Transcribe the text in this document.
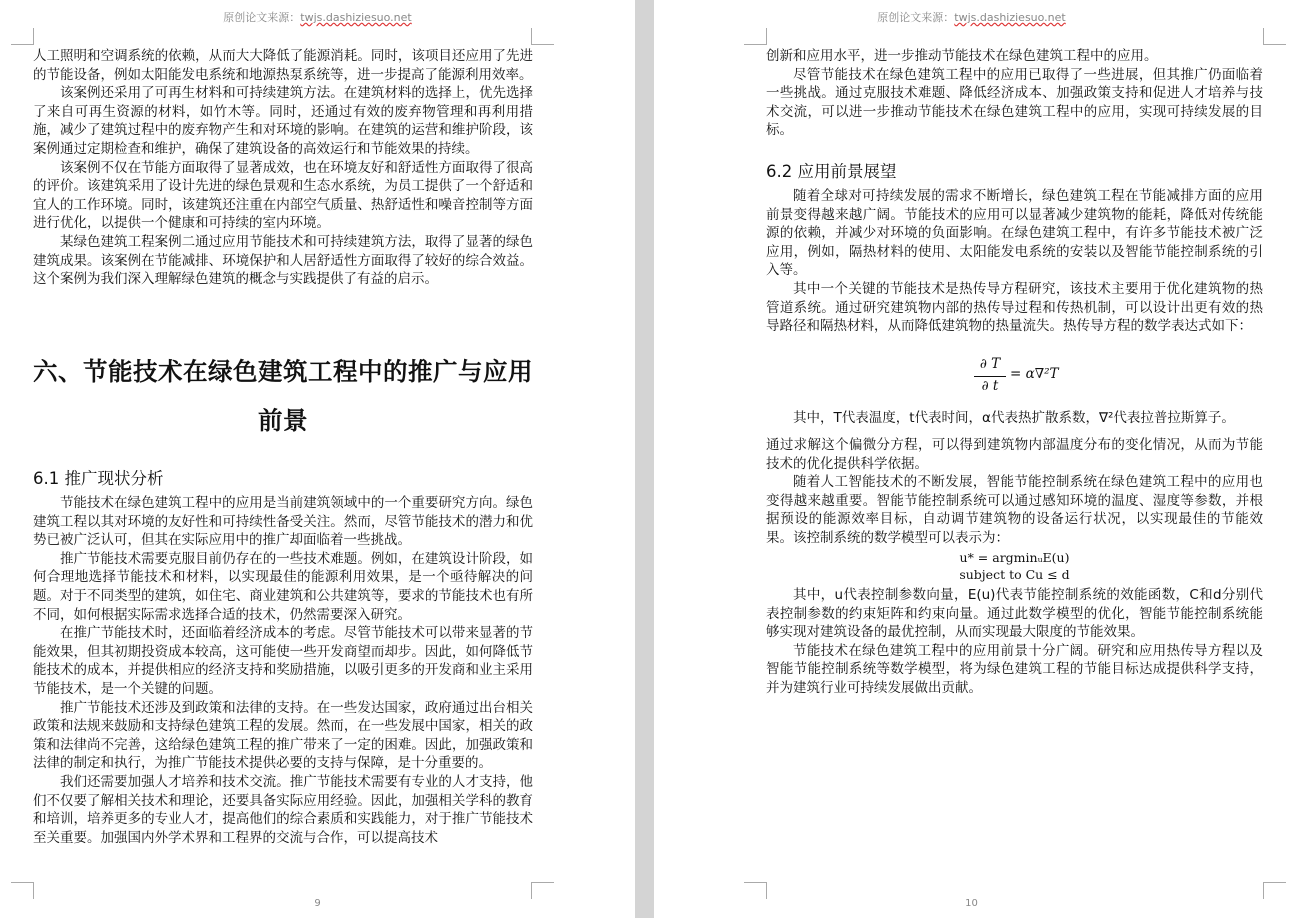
原创论文来源：twjs.dashiziesuo.net

人工照明和空调系统的依赖，从而大大降低了能源消耗。同时，该项目还应用了先进的节能设备，例如太阳能发电系统和地源热泵系统等，进一步提高了能源利用效率。

该案例还采用了可再生材料和可持续建筑方法。在建筑材料的选择上，优先选择了来自可再生资源的材料，如竹木等。同时，还通过有效的废弃物管理和再利用措施，减少了建筑过程中的废弃物产生和对环境的影响。在建筑的运营和维护阶段，该案例通过定期检查和维护，确保了建筑设备的高效运行和节能效果的持续。

该案例不仅在节能方面取得了显著成效，也在环境友好和舒适性方面取得了很高的评价。该建筑采用了设计先进的绿色景观和生态水系统，为员工提供了一个舒适和宜人的工作环境。同时，该建筑还注重在内部空气质量、热舒适性和噪音控制等方面进行优化，以提供一个健康和可持续的室内环境。

某绿色建筑工程案例二通过应用节能技术和可持续建筑方法，取得了显著的绿色建筑成果。该案例在节能减排、环境保护和人居舒适性方面取得了较好的综合效益。这个案例为我们深入理解绿色建筑的概念与实践提供了有益的启示。

六、节能技术在绿色建筑工程中的推广与应用前景
6.1 推广现状分析

节能技术在绿色建筑工程中的应用是当前建筑领域中的一个重要研究方向。绿色建筑工程以其对环境的友好性和可持续性备受关注。然而，尽管节能技术的潜力和优势已被广泛认可，但其在实际应用中的推广却面临着一些挑战。

推广节能技术需要克服目前仍存在的一些技术难题。例如，在建筑设计阶段，如何合理地选择节能技术和材料，以实现最佳的能源利用效果，是一个亟待解决的问题。对于不同类型的建筑，如住宅、商业建筑和公共建筑等，要求的节能技术也有所不同，如何根据实际需求选择合适的技术，仍然需要深入研究。

在推广节能技术时，还面临着经济成本的考虑。尽管节能技术可以带来显著的节能效果，但其初期投资成本较高，这可能使一些开发商望而却步。因此，如何降低节能技术的成本，并提供相应的经济支持和奖励措施，以吸引更多的开发商和业主采用节能技术，是一个关键的问题。

推广节能技术还涉及到政策和法律的支持。在一些发达国家，政府通过出台相关政策和法规来鼓励和支持绿色建筑工程的发展。然而，在一些发展中国家，相关的政策和法律尚不完善，这给绿色建筑工程的推广带来了一定的困难。因此，加强政策和法律的制定和执行，为推广节能技术提供必要的支持与保障，是十分重要的。

我们还需要加强人才培养和技术交流。推广节能技术需要有专业的人才支持，他们不仅要了解相关技术和理论，还要具备实际应用经验。因此，加强相关学科的教育和培训，培养更多的专业人才，提高他们的综合素质和实践能力，对于推广节能技术至关重要。加强国内外学术界和工程界的交流与合作，可以提高技术

9
原创论文来源：twjs.dashiziesuo.net

创新和应用水平，进一步推动节能技术在绿色建筑工程中的应用。

尽管节能技术在绿色建筑工程中的应用已取得了一些进展，但其推广仍面临着一些挑战。通过克服技术难题、降低经济成本、加强政策支持和促进人才培养与技术交流，可以进一步推动节能技术在绿色建筑工程中的应用，实现可持续发展的目标。

6.2 应用前景展望

随着全球对可持续发展的需求不断增长，绿色建筑工程在节能减排方面的应用前景变得越来越广阔。节能技术的应用可以显著减少建筑物的能耗，降低对传统能源的依赖，并减少对环境的负面影响。在绿色建筑工程中，有许多节能技术被广泛应用，例如，隔热材料的使用、太阳能发电系统的安装以及智能节能控制系统的引入等。

其中一个关键的节能技术是热传导方程研究，该技术主要用于优化建筑物的热管道系统。通过研究建筑物内部的热传导过程和传热机制，可以设计出更有效的热导路径和隔热材料，从而降低建筑物的热量流失。热传导方程的数学表达式如下：

∂ T
∂ t
= α∇²T

其中，T代表温度，t代表时间，α代表热扩散系数，∇²代表拉普拉斯算子。

通过求解这个偏微分方程，可以得到建筑物内部温度分布的变化情况，从而为节能技术的优化提供科学依据。

随着人工智能技术的不断发展，智能节能控制系统在绿色建筑工程中的应用也变得越来越重要。智能节能控制系统可以通过感知环境的温度、湿度等参数，并根据预设的能源效率目标，自动调节建筑物的设备运行状况，以实现最佳的节能效果。该控制系统的数学模型可以表示为：

u* = argminᵤE(u)
subject to Cu ≤ d

其中，u代表控制参数向量，E(u)代表节能控制系统的效能函数，C和d分别代表控制参数的约束矩阵和约束向量。通过此数学模型的优化，智能节能控制系统能够实现对建筑设备的最优控制，从而实现最大限度的节能效果。

节能技术在绿色建筑工程中的应用前景十分广阔。研究和应用热传导方程以及智能节能控制系统等数学模型，将为绿色建筑工程的节能目标达成提供科学支持，并为建筑行业可持续发展做出贡献。

10
